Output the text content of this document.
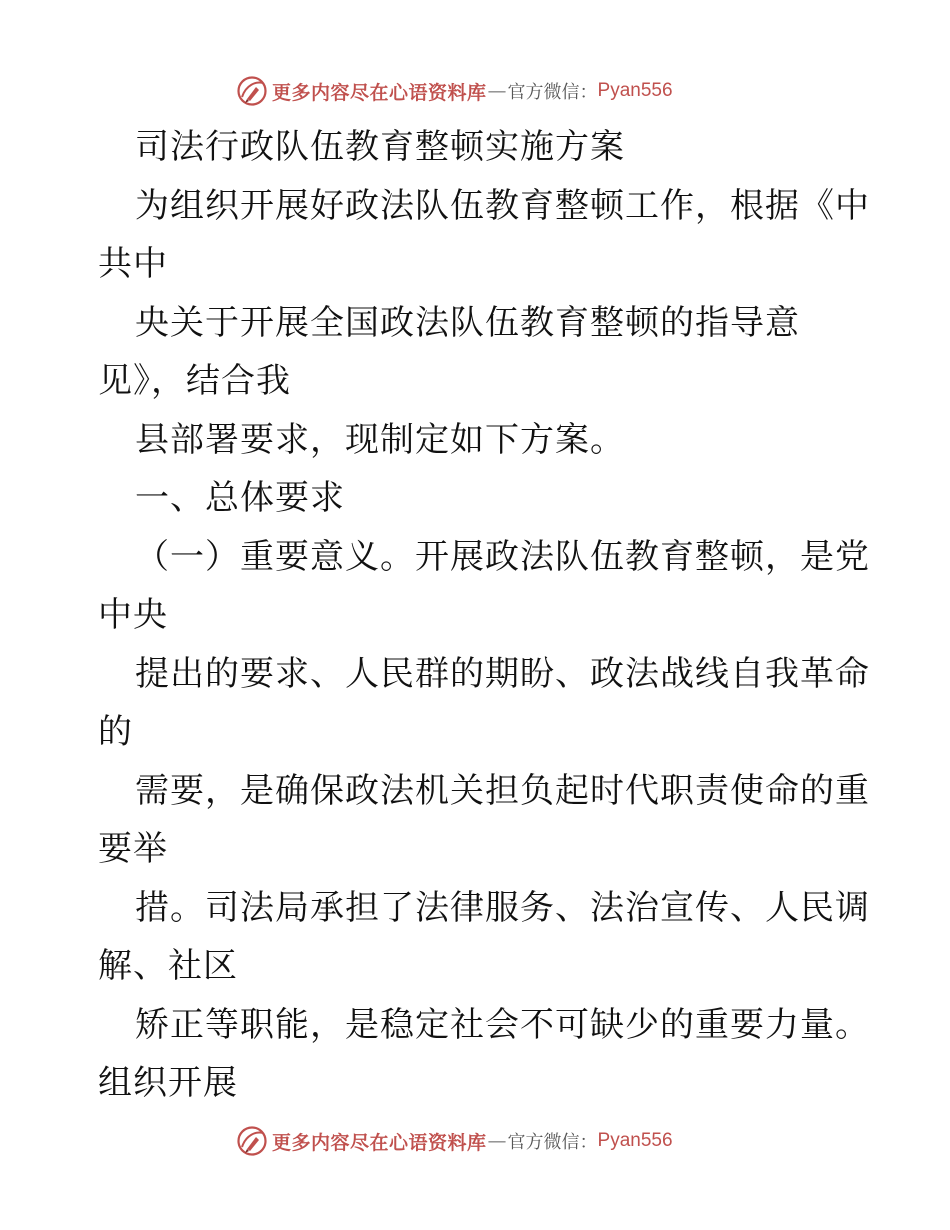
更多内容尽在心语资料库 — 官方微信： Pyan556
司法行政队伍教育整顿实施方案
为组织开展好政法队伍教育整顿工作，根据《中
共中
央关于开展全国政法队伍教育整顿的指导意
见》，结合我
县部署要求，现制定如下方案。
一、总体要求
（一）重要意义。开展政法队伍教育整顿，是党
中央
提出的要求、人民群的期盼、政法战线自我革命
的
需要，是确保政法机关担负起时代职责使命的重
要举
措。司法局承担了法律服务、法治宣传、人民调
解、社区
矫正等职能，是稳定社会不可缺少的重要力量。
组织开展
更多内容尽在心语资料库 — 官方微信： Pyan556
